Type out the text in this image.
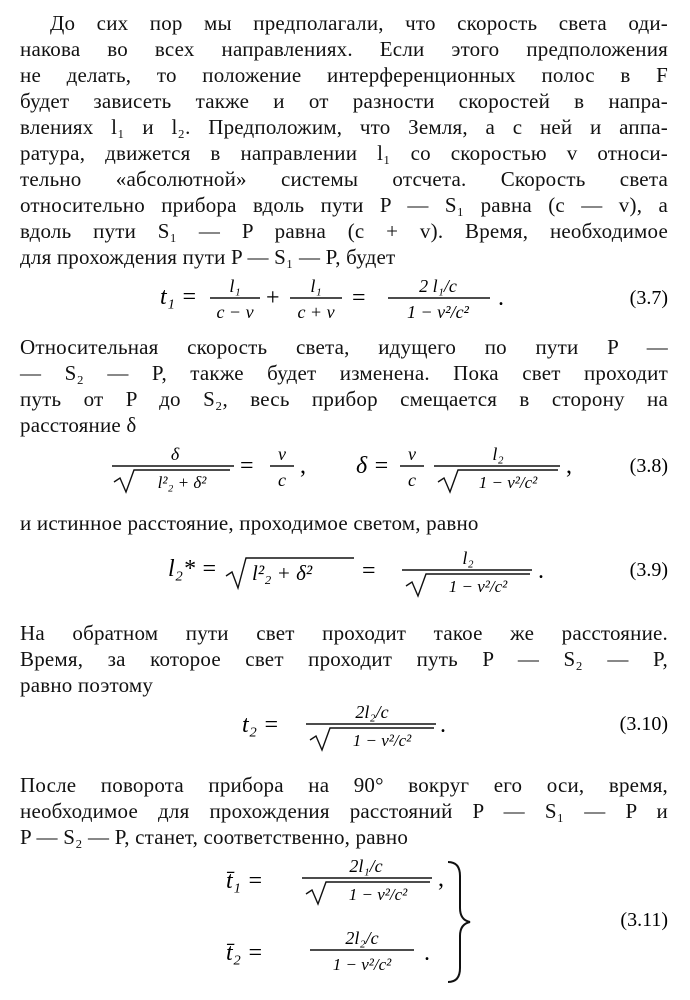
До сих пор мы предполагали, что скорость света оди-
накова во всех направлениях. Если этого предположения
не делать, то положение интерференционных полос в F
будет зависеть также и от разности скоростей в напра-
влениях l₁ и l₂. Предположим, что Земля, а с ней и аппа-
ратура, движется в направлении l₁ со скоростью v относи-
тельно «абсолютной» системы отсчета. Скорость света
относительно прибора вдоль пути P — S₁ равна (c — v), а
вдоль пути S₁ — P равна (c + v). Время, необходимое
для прохождения пути P — S₁ — P, будет
t₁ = l₁
c − v
+ l₁
c + v
=	2 l₁/c
1 − v²/c²
.	(3.7)
Относительная скорость света, идущего по пути P —
— S₂ — P, также будет изменена. Пока свет проходит
путь от P до S₂, весь прибор смещается в сторону на
расстояние δ
δ
l²₂ + δ²
= v
c
, δ = v
c
l₂
1 − v²/c²
,	(3.8)
и истинное расстояние, проходимое светом, равно
l₂* = l²₂ + δ² =	l₂
1 − v²/c²
.	(3.9)
На обратном пути свет проходит такое же расстояние.
Время, за которое свет проходит путь P — S₂ — P,
равно поэтому
t₂ =	2l₂/c
1 − v²/c²
.	(3.10)
После поворота прибора на 90° вокруг его оси, время,
необходимое для прохождения расстояний P — S₁ — P и
P — S₂ — P, станет, соответственно, равно
t̄₁ =
2l₁/c
1 − v²/c²
,
t̄₂ =
2l₂/c
1 − v²/c² .
(3.11)
